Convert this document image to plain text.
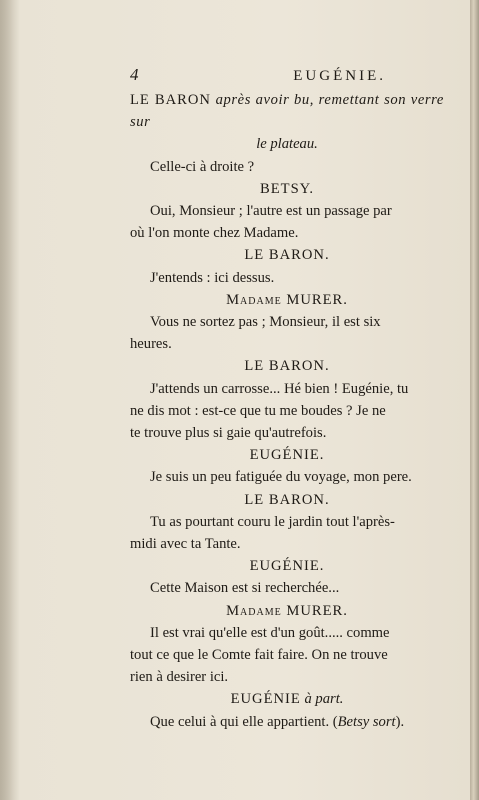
4	EUGÉNIE.
LE BARON après avoir bu, remettant son verre sur
le plateau.
Celle-ci à droite ?
BETSY.
Oui, Monsieur ; l'autre est un passage par
où l'on monte chez Madame.
LE BARON.
J'entends : ici dessus.
Madame MURER.
Vous ne sortez pas ; Monsieur, il est six
heures.
LE BARON.
J'attends un carrosse... Hé bien ! Eugénie, tu
ne dis mot : est-ce que tu me boudes ? Je ne
te trouve plus si gaie qu'autrefois.
EUGÉNIE.
Je suis un peu fatiguée du voyage, mon pere.
LE BARON.
Tu as pourtant couru le jardin tout l'après-
midi avec ta Tante.
EUGÉNIE.
Cette Maison est si recherchée...
Madame MURER.
Il est vrai qu'elle est d'un goût..... comme
tout ce que le Comte fait faire. On ne trouve
rien à desirer ici.
EUGÉNIE à part.
Que celui à qui elle appartient. (Betsy sort).
